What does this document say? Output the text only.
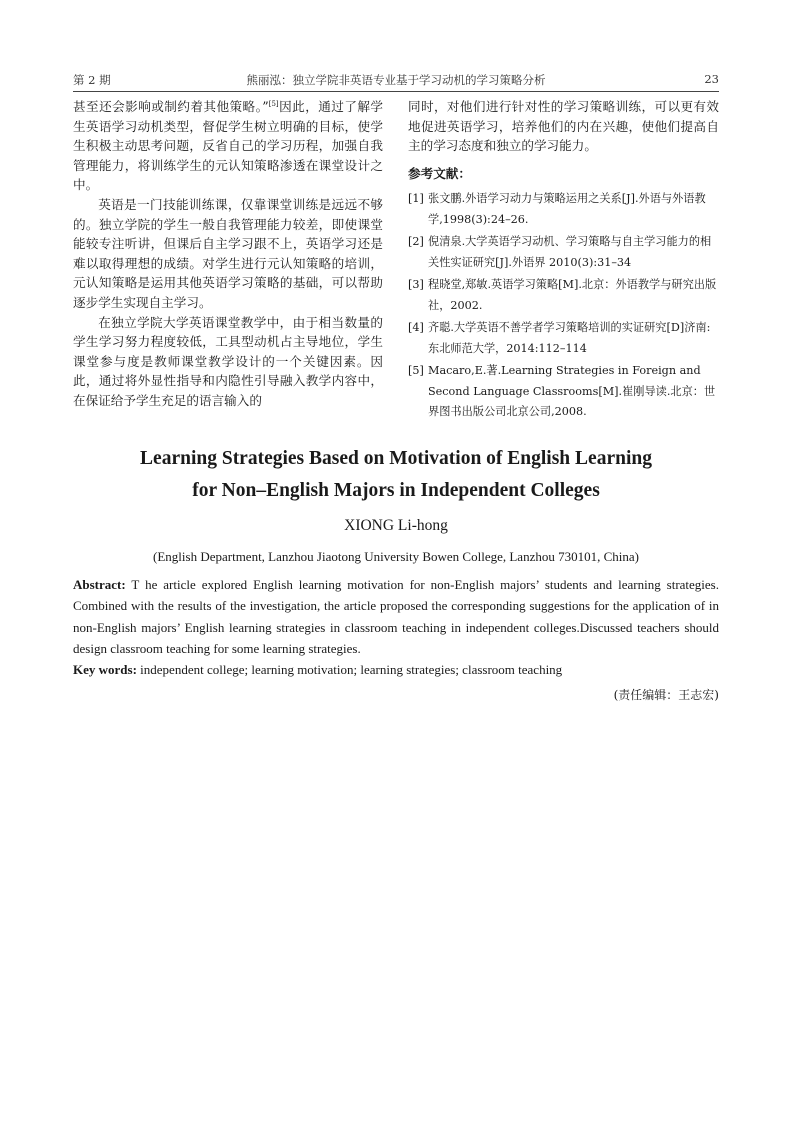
第 2 期	熊丽泓：独立学院非英语专业基于学习动机的学习策略分析	23

甚至还会影响或制约着其他策略。”[5]因此，通过了解学生英语学习动机类型，督促学生树立明确的目标，使学生积极主动思考问题，反省自己的学习历程，加强自我管理能力，将训练学生的元认知策略渗透在课堂设计之中。

英语是一门技能训练课，仅靠课堂训练是远远不够的。独立学院的学生一般自我管理能力较差，即使课堂能较专注听讲，但课后自主学习跟不上，英语学习还是难以取得理想的成绩。对学生进行元认知策略的培训，元认知策略是运用其他英语学习策略的基础，可以帮助逐步学生实现自主学习。

在独立学院大学英语课堂教学中，由于相当数量的学生学习努力程度较低，工具型动机占主导地位，学生课堂参与度是教师课堂教学设计的一个关键因素。因此，通过将外显性指导和内隐性引导融入教学内容中，在保证给予学生充足的语言输入的

同时，对他们进行针对性的学习策略训练，可以更有效地促进英语学习，培养他们的内在兴趣，使他们提高自主的学习态度和独立的学习能力。

参考文献：

[1] 张文鹏.外语学习动力与策略运用之关系[J].外语与外语教学,1998(3):24–26.
[2] 倪清泉.大学英语学习动机、学习策略与自主学习能力的相关性实证研究[J].外语界 2010(3):31–34
[3] 程晓堂,郑敏.英语学习策略[M].北京：外语教学与研究出版社，2002.
[4] 齐聪.大学英语不善学者学习策略培训的实证研究[D]济南:东北师范大学，2014:112–114
[5] Macaro,E.著.Learning Strategies in Foreign and Second Language Classrooms[M].崔刚导读.北京：世界图书出版公司北京公司,2008.

Learning Strategies Based on Motivation of English Learning
for Non–English Majors in Independent Colleges

XIONG Li-hong

(English Department, Lanzhou Jiaotong University Bowen College, Lanzhou 730101, China)

Abstract: T he article explored English learning motivation for non-English majors’ students and learning strategies. Combined with the results of the investigation, the article proposed the corresponding suggestions for the application of in non-English majors’ English learning strategies in classroom teaching in independent colleges.Discussed teachers should design classroom teaching for some learning strategies.

Key words: independent college; learning motivation; learning strategies; classroom teaching

(责任编辑：王志宏)
